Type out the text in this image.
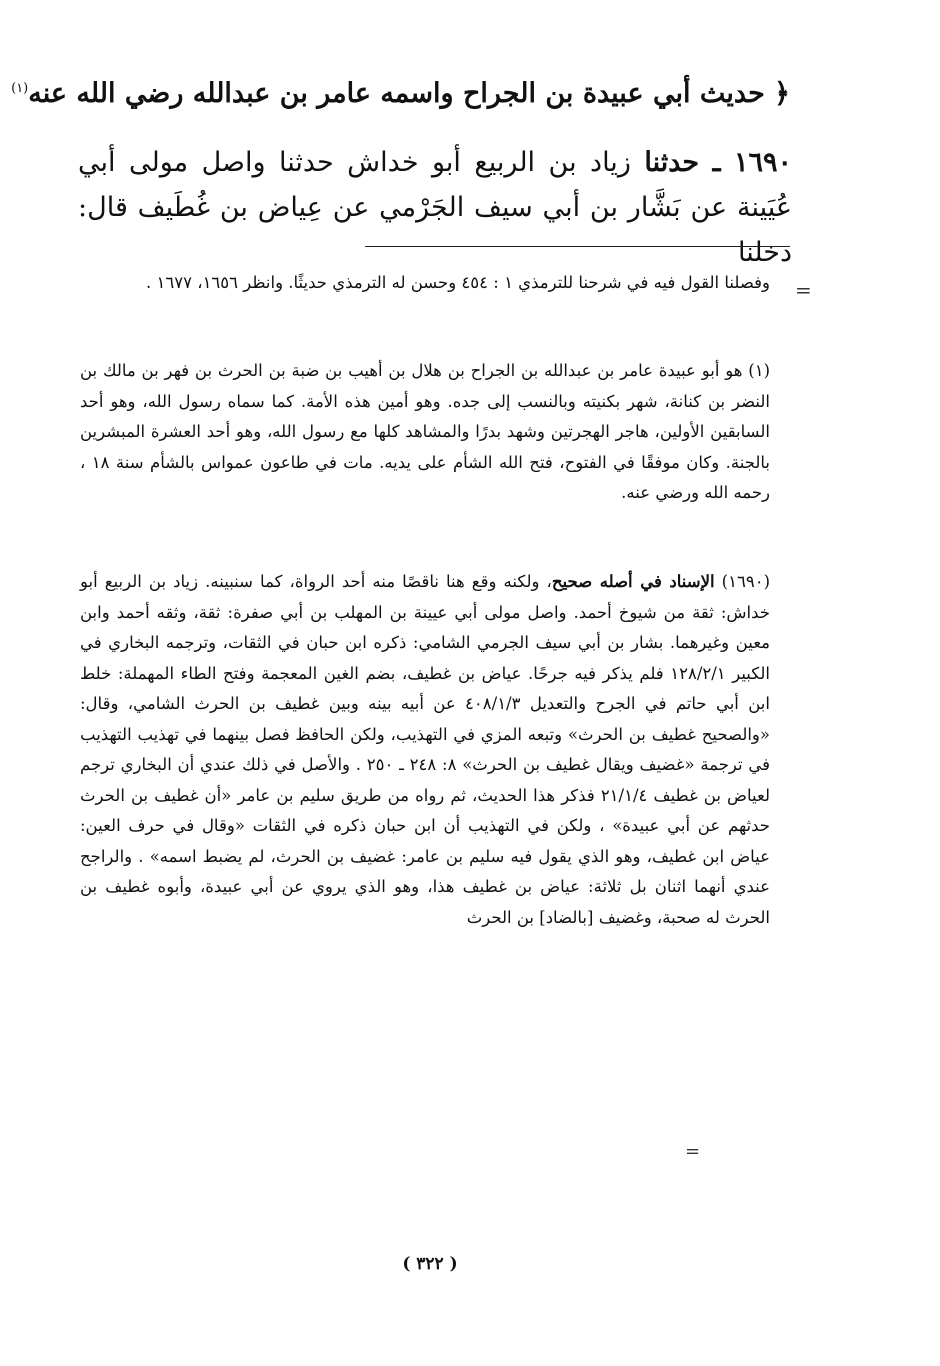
﴿ حديث أبي عبيدة بن الجراح واسمه عامر بن عبدالله رضي الله عنه$^{(١)}$
١٦٩٠ ـ حدثنا زياد بن الربيع أبو خداش حدثنا واصل مولى أبي عُيَينة عن بَشَّار بن أبي سيف الجَرْمي عن عِياض بن غُطَيف قال: دخلنا
=
وفصلنا القول فيه في شرحنا للترمذي ١ : ٤٥٤ وحسن له الترمذي حديثًا. وانظر ١٦٥٦، ١٦٧٧ .
(١) هو أبو عبيدة عامر بن عبدالله بن الجراح بن هلال بن أهيب بن ضبة بن الحرث بن فهر بن مالك بن النضر بن كنانة، شهر بكنيته وبالنسب إلى جده. وهو أمين هذه الأمة. كما سماه رسول الله، وهو أحد السابقين الأولين، هاجر الهجرتين وشهد بدرًا والمشاهد كلها مع رسول الله، وهو أحد العشرة المبشرين بالجنة. وكان موفقًا في الفتوح، فتح الله الشأم على يديه. مات في طاعون عمواس بالشأم سنة ١٨ ، رحمه الله ورضي عنه.
(١٦٩٠) الإسناد في أصله صحيح، ولكنه وقع هنا ناقصًا منه أحد الرواة، كما سنبينه. زياد بن الربيع أبو خداش: ثقة من شيوخ أحمد. واصل مولى أبي عيينة بن المهلب بن أبي صفرة: ثقة، وثقه أحمد وابن معين وغيرهما. بشار بن أبي سيف الجرمي الشامي: ذكره ابن حبان في الثقات، وترجمه البخاري في الكبير ١٢٨/٢/١ فلم يذكر فيه جرحًا. عياض بن غطيف، بضم الغين المعجمة وفتح الطاء المهملة: خلط ابن أبي حاتم في الجرح والتعديل ٤٠٨/١/٣ عن أبيه بينه وبين غطيف بن الحرث الشامي، وقال: «والصحيح غطيف بن الحرث» وتبعه المزي في التهذيب، ولكن الحافظ فصل بينهما في تهذيب التهذيب في ترجمة «غضيف ويقال غطيف بن الحرث» ٨: ٢٤٨ ـ ٢٥٠ . والأصل في ذلك عندي أن البخاري ترجم لعياض بن غطيف ٢١/١/٤ فذكر هذا الحديث، ثم رواه من طريق سليم بن عامر «أن غطيف بن الحرث حدثهم عن أبي عبيدة» ، ولكن في التهذيب أن ابن حبان ذكره في الثقات «وقال في حرف العين: عياض ابن غطيف، وهو الذي يقول فيه سليم بن عامر: غضيف بن الحرث، لم يضبط اسمه» . والراجح عندي أنهما اثنان بل ثلاثة: عياض بن غطيف هذا، وهو الذي يروي عن أبي عبيدة، وأبوه غطيف بن الحرث له صحبة، وغضيف [بالضاد] بن الحرث
=
( ٣٢٢ )
